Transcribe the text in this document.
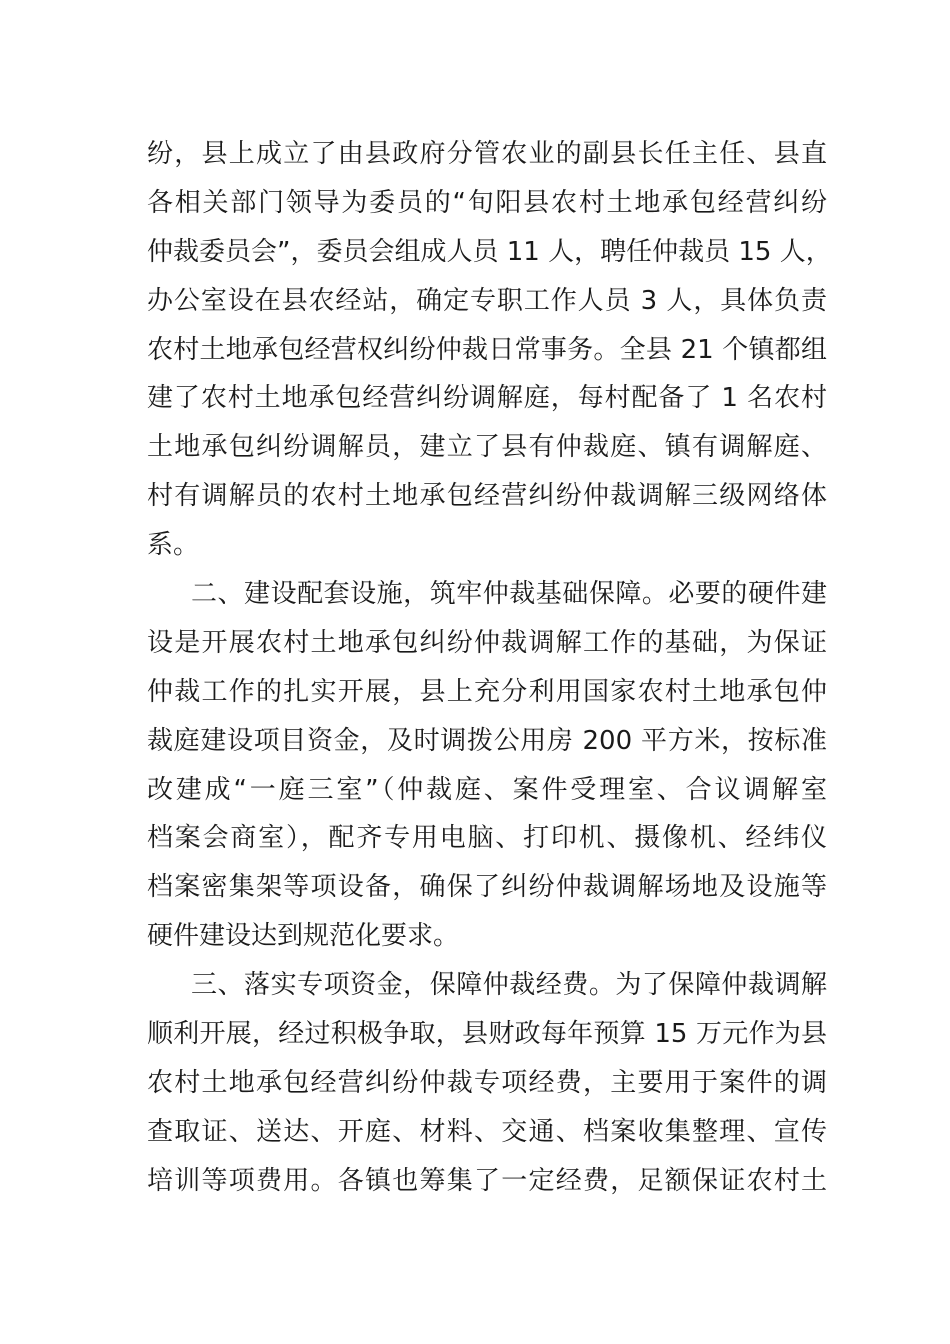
纷，县上成立了由县政府分管农业的副县长任主任、县直
各相关部门领导为委员的“旬阳县农村土地承包经营纠纷
仲裁委员会”，委员会组成人员 11 人，聘任仲裁员 15 人，
办公室设在县农经站，确定专职工作人员 3 人，具体负责
农村土地承包经营权纠纷仲裁日常事务。全县 21 个镇都组
建了农村土地承包经营纠纷调解庭，每村配备了 1 名农村
土地承包纠纷调解员，建立了县有仲裁庭、镇有调解庭、
村有调解员的农村土地承包经营纠纷仲裁调解三级网络体
系。
二、建设配套设施，筑牢仲裁基础保障。必要的硬件建
设是开展农村土地承包纠纷仲裁调解工作的基础，为保证
仲裁工作的扎实开展，县上充分利用国家农村土地承包仲
裁庭建设项目资金，及时调拨公用房 200 平方米，按标准
改建成“一庭三室”（仲裁庭、案件受理室、合议调解室
档案会商室），配齐专用电脑、打印机、摄像机、经纬仪
档案密集架等项设备，确保了纠纷仲裁调解场地及设施等
硬件建设达到规范化要求。
三、落实专项资金，保障仲裁经费。为了保障仲裁调解
顺利开展，经过积极争取，县财政每年预算 15 万元作为县
农村土地承包经营纠纷仲裁专项经费，主要用于案件的调
查取证、送达、开庭、材料、交通、档案收集整理、宣传
培训等项费用。各镇也筹集了一定经费，足额保证农村土
